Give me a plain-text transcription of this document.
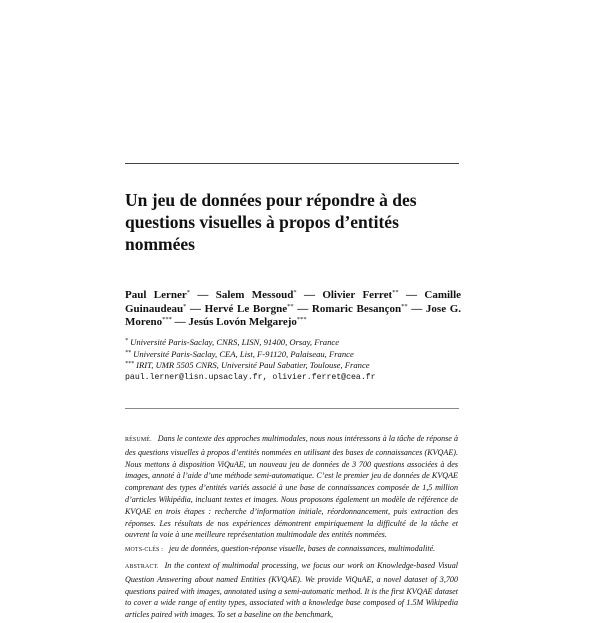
Un jeu de données pour répondre à des questions visuelles à propos d’entités nommées

Paul Lerner* — Salem Messoud* — Olivier Ferret** — Camille Guinaudeau* — Hervé Le Borgne** — Romaric Besançon** — Jose G. Moreno*** — Jesús Lovón Melgarejo***

* Université Paris-Saclay, CNRS, LISN, 91400, Orsay, France
** Université Paris-Saclay, CEA, List, F-91120, Palaiseau, France
*** IRIT, UMR 5505 CNRS, Université Paul Sabatier, Toulouse, France
paul.lerner@lisn.upsaclay.fr, olivier.ferret@cea.fr

RÉSUMÉ. Dans le contexte des approches multimodales, nous nous intéressons à la tâche de réponse à des questions visuelles à propos d’entités nommées en utilisant des bases de connaissances (KVQAE). Nous mettons à disposition ViQuAE, un nouveau jeu de données de 3 700 questions associées à des images, annoté à l’aide d’une méthode semi-automatique. C’est le premier jeu de données de KVQAE comprenant des types d’entités variés associé à une base de connaissances composée de 1,5 million d’articles Wikipédia, incluant textes et images. Nous proposons également un modèle de référence de KVQAE en trois étapes : recherche d’information initiale, réordonnancement, puis extraction des réponses. Les résultats de nos expériences démontrent empiriquement la difficulté de la tâche et ouvrent la voie à une meilleure représentation multimodale des entités nommées.

MOTS-CLÉS : jeu de données, question-réponse visuelle, bases de connaissances, multimodalité.

ABSTRACT. In the context of multimodal processing, we focus our work on Knowledge-based Visual Question Answering about named Entities (KVQAE). We provide ViQuAE, a novel dataset of 3,700 questions paired with images, annotated using a semi-automatic method. It is the first KVQAE dataset to cover a wide range of entity types, associated with a knowledge base composed of 1.5M Wikipedia articles paired with images. To set a baseline on the benchmark,
